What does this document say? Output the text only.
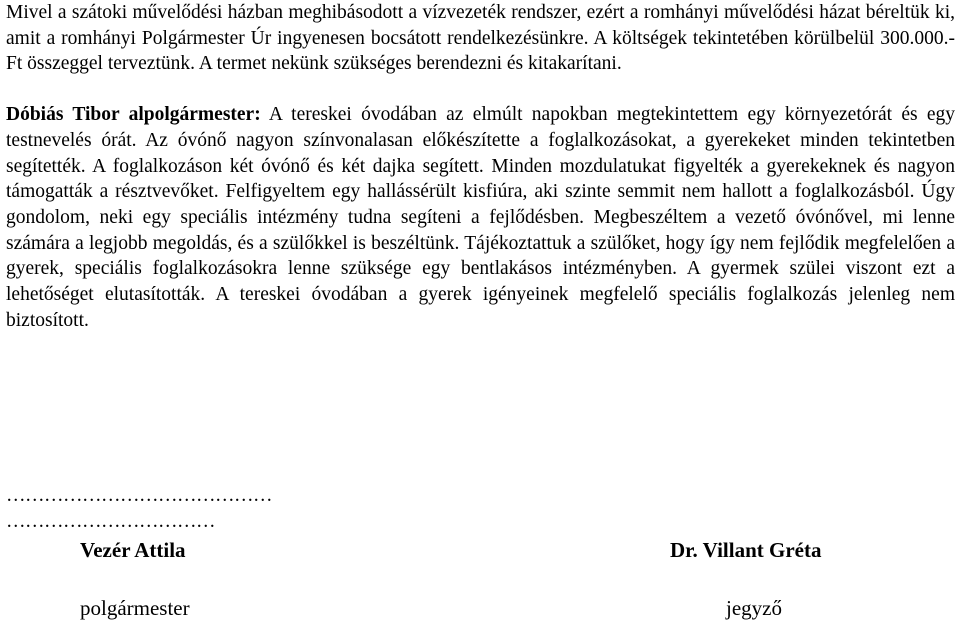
Mivel a szátoki művelődési házban meghibásodott a vízvezeték rendszer, ezért a romhányi művelődési házat béreltük ki, amit a romhányi Polgármester Úr ingyenesen bocsátott rendelkezésünkre. A költségek tekintetében körülbelül 300.000.- Ft összeggel terveztünk. A termet nekünk szükséges berendezni és kitakarítani.

Dóbiás Tibor alpolgármester: A tereskei óvodában az elmúlt napokban megtekintettem egy környezetórát és egy testnevelés órát. Az óvónő nagyon színvonalasan előkészítette a foglalkozásokat, a gyerekeket minden tekintetben segítették. A foglalkozáson két óvónő és két dajka segített. Minden mozdulatukat figyelték a gyerekeknek és nagyon támogatták a résztvevőket. Felfigyeltem egy hallássérült kisfiúra, aki szinte semmit nem hallott a foglalkozásból. Úgy gondolom, neki egy speciális intézmény tudna segíteni a fejlődésben. Megbeszéltem a vezető óvónővel, mi lenne számára a legjobb megoldás, és a szülőkkel is beszéltünk. Tájékoztattuk a szülőket, hogy így nem fejlődik megfelelően a gyerek, speciális foglalkozásokra lenne szüksége egy bentlakásos intézményben. A gyermek szülei viszont ezt a lehetőséget elutasították. A tereskei óvodában a gyerek igényeinek megfelelő speciális foglalkozás jelenleg nem biztosított.

……………………………………
……………………………
Vezér Attila	Dr. Villant Gréta
polgármester	jegyző
